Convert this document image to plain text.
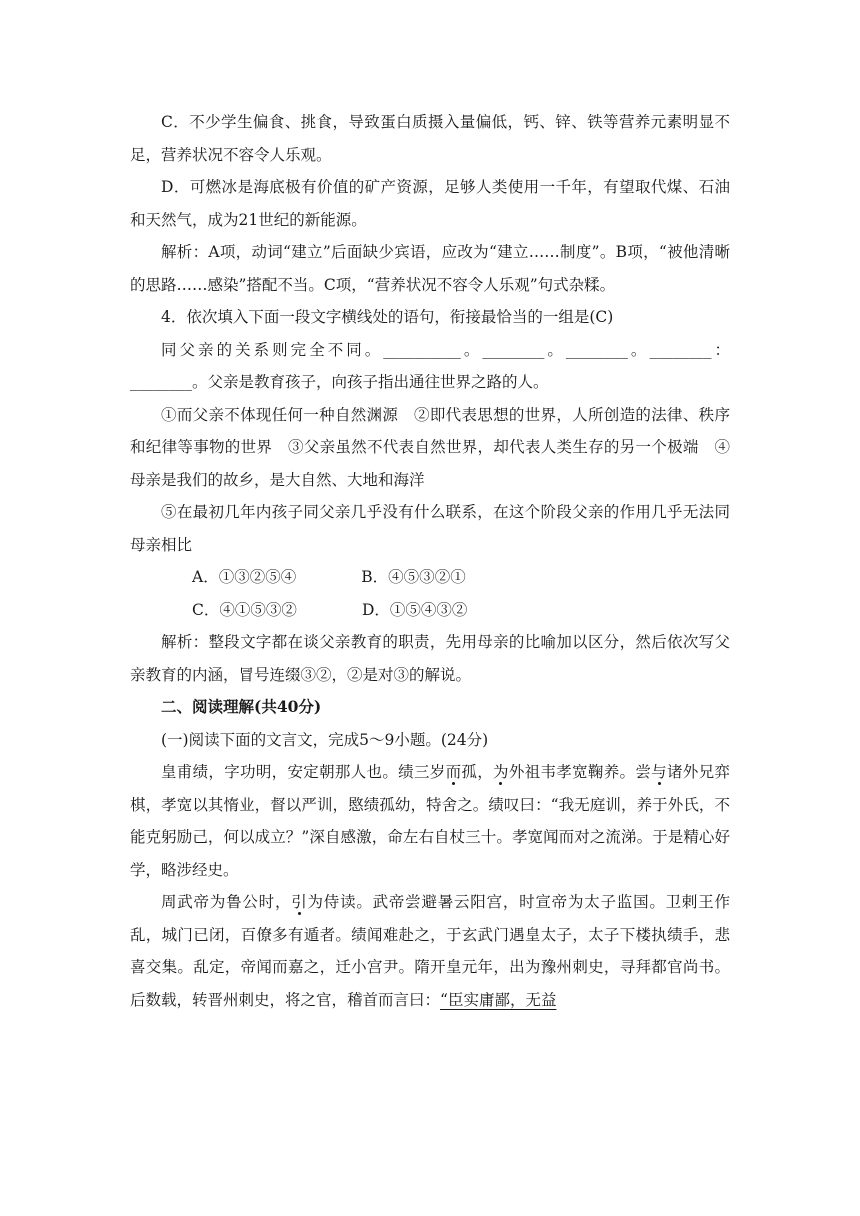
C．不少学生偏食、挑食，导致蛋白质摄入量偏低，钙、锌、铁等营养元素明显不足，营养状况不容令人乐观。

D．可燃冰是海底极有价值的矿产资源，足够人类使用一千年，有望取代煤、石油和天然气，成为21世纪的新能源。

解析：A项，动词“建立”后面缺少宾语，应改为“建立……制度”。B项，“被他清晰的思路……感染”搭配不当。C项，“营养状况不容令人乐观”句式杂糅。

4．依次填入下面一段文字横线处的语句，衔接最恰当的一组是(C)

同父亲的关系则完全不同。__________。________。________。________：________。父亲是教育孩子，向孩子指出通往世界之路的人。

①而父亲不体现任何一种自然渊源　②即代表思想的世界，人所创造的法律、秩序和纪律等事物的世界　③父亲虽然不代表自然世界，却代表人类生存的另一个极端　④母亲是我们的故乡，是大自然、大地和海洋

⑤在最初几年内孩子同父亲几乎没有什么联系，在这个阶段父亲的作用几乎无法同母亲相比

A．①③②⑤④	B．④⑤③②①

C．④①⑤③②	D．①⑤④③②

解析：整段文字都在谈父亲教育的职责，先用母亲的比喻加以区分，然后依次写父亲教育的内涵，冒号连缀③②，②是对③的解说。

二、阅读理解(共40分)

(一)阅读下面的文言文，完成5～9小题。(24分)

皇甫绩，字功明，安定朝那人也。绩三岁而孤，为外祖韦孝宽鞠养。尝与诸外兄弈棋，孝宽以其惰业，督以严训，愍绩孤幼，特舍之。绩叹曰：“我无庭训，养于外氏，不能克躬励己，何以成立？”深自感激，命左右自杖三十。孝宽闻而对之流涕。于是精心好学，略涉经史。

周武帝为鲁公时，引为侍读。武帝尝避暑云阳宫，时宣帝为太子监国。卫剌王作乱，城门已闭，百僚多有遁者。绩闻难赴之，于玄武门遇皇太子，太子下楼执绩手，悲喜交集。乱定，帝闻而嘉之，迁小宫尹。隋开皇元年，出为豫州刺史，寻拜都官尚书。后数载，转晋州刺史，将之官，稽首而言曰：“臣实庸鄙，无益
